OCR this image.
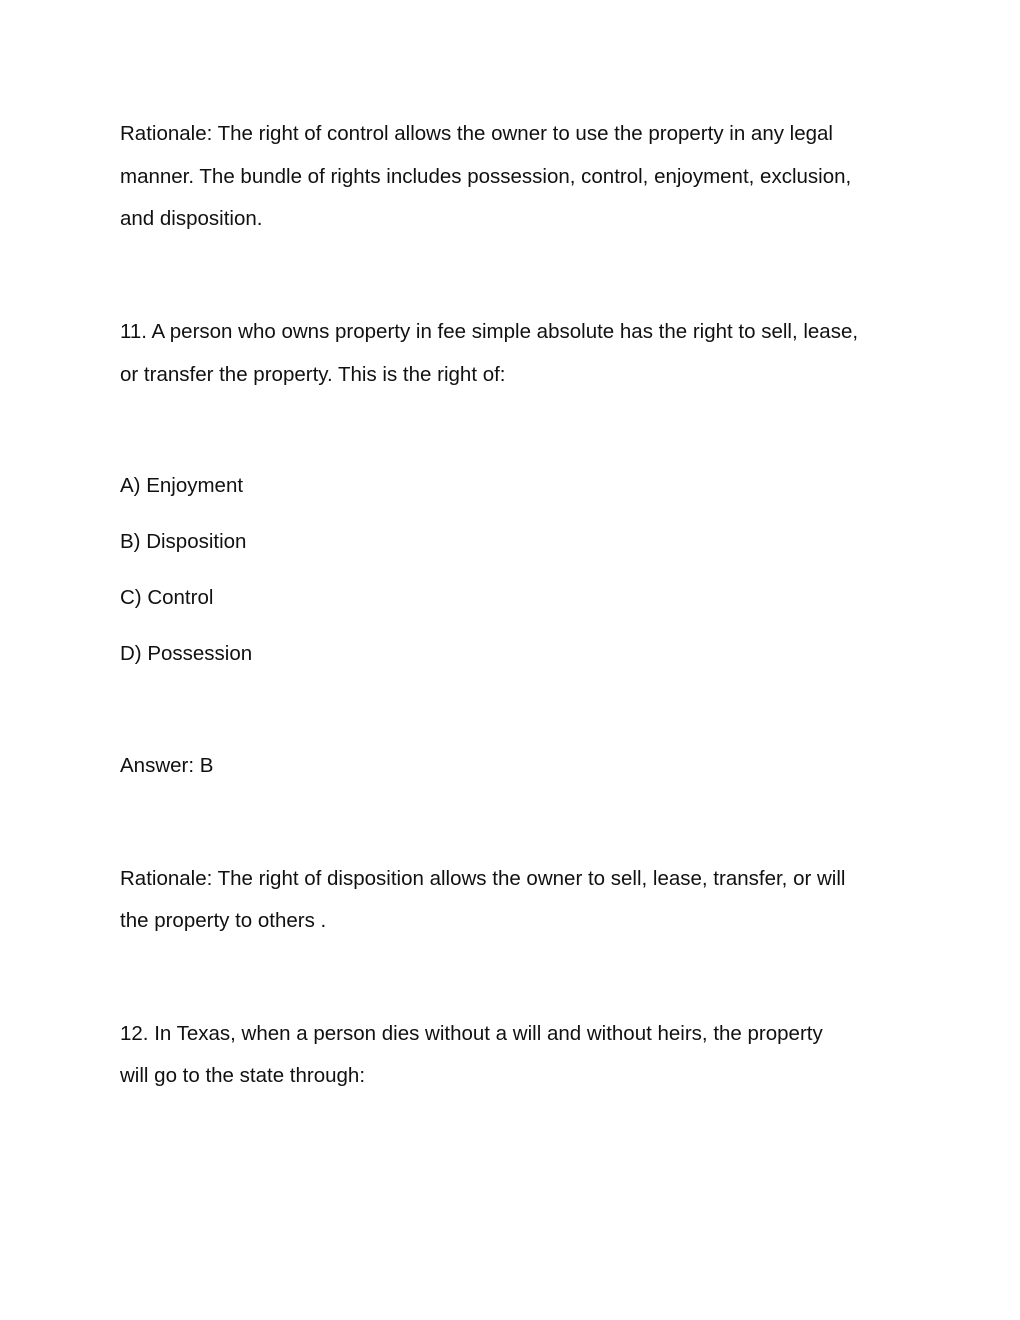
Rationale: The right of control allows the owner to use the property in any legal
manner. The bundle of rights includes possession, control, enjoyment, exclusion,
and disposition.
11. A person who owns property in fee simple absolute has the right to sell, lease,
or transfer the property. This is the right of:
A) Enjoyment
B) Disposition
C) Control
D) Possession
Answer: B
Rationale: The right of disposition allows the owner to sell, lease, transfer, or will
the property to others .
12. In Texas, when a person dies without a will and without heirs, the property
will go to the state through:
